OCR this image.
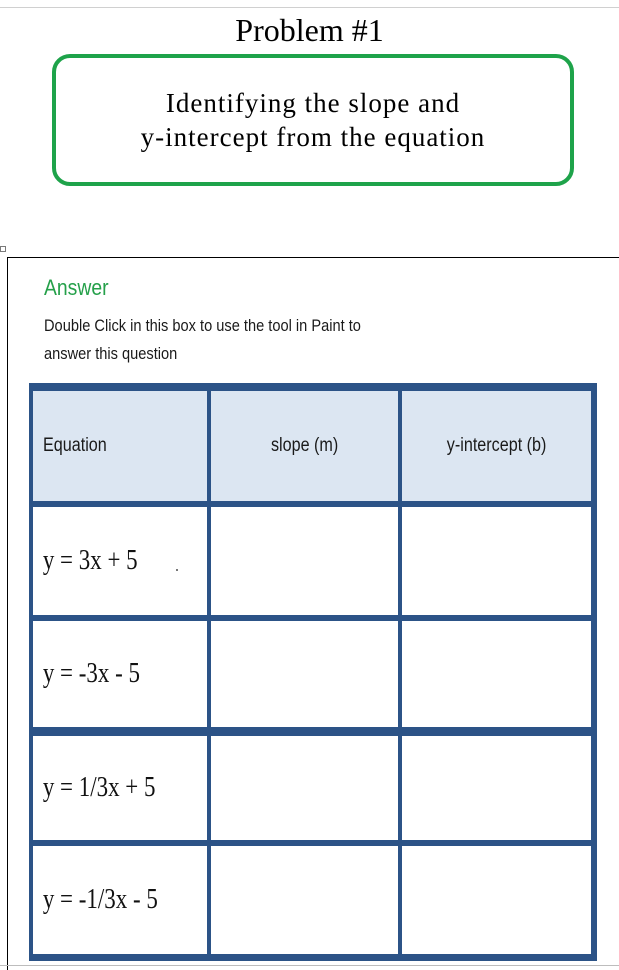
Problem #1
Identifying the slope and
y-intercept from the equation
Answer
Double Click in this box to use the tool in Paint to
answer this question
Equation	slope (m)	y-intercept (b)
y = 3x + 5
y = -3x - 5
y = 1/3x + 5
y = -1/3x - 5
